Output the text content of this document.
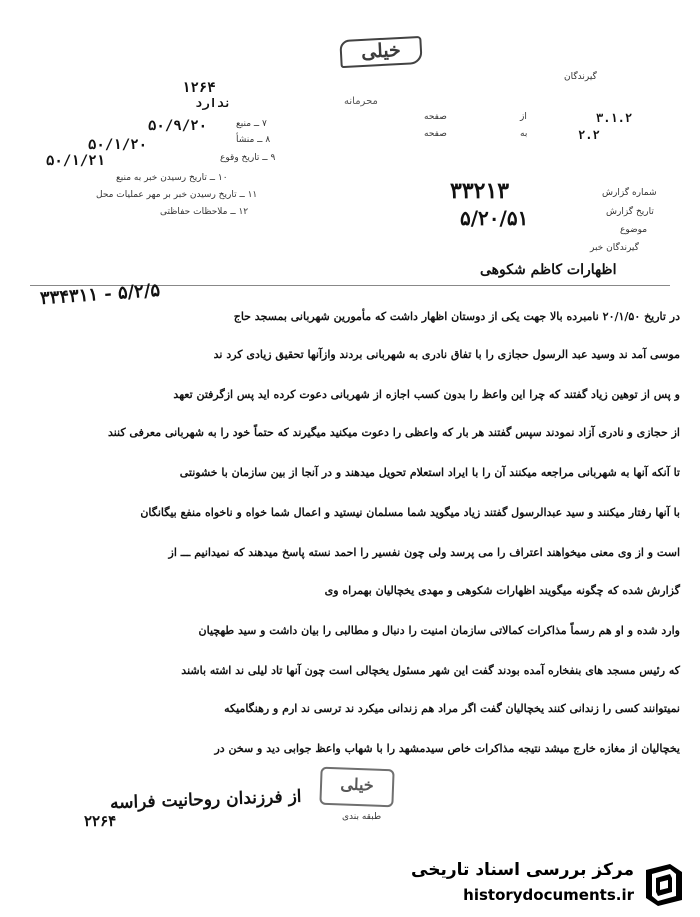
خیلی
محرمانه
۱۲۶۴
ندارد
۵۰/۹/۲۰
۵۰/۱/۲۰
۵۰/۱/۲۱
۷ ــ منبع
۸ ــ منشأ
۹ ــ تاریخ وقوع
۱۰ ــ تاریخ رسیدن خبر به منبع
۱۱ ــ تاریخ رسیدن خبر بر مهر عملیات محل
۱۲ ــ ملاحظات حفاظتی
گیرندگان
۳.۱.۲
۲.۲
از
به
صفحه
صفحه
شماره گزارش
تاریخ گزارش
موضوع
گیرندگان خبر
۳۳۲۱۳
۵/۲۰/۵۱
اظهارات کاظم شکوهی
۳۳۴۳۱۱ - ۵/۲/۵
در تاریخ ۲۰/۱/۵۰ نامبرده بالا جهت یکی از دوستان اظهار داشت که مأمورین شهربانی بمسجد حاج
موسی آمد ند وسید عبد الرسول حجازی را با تفاق نادری به شهربانی بردند وازآنها تحقیق زیادی کرد ند
و پس از توهین زیاد گفتند که چرا این واعظ را بدون کسب اجازه از شهربانی دعوت کرده اید پس ازگرفتن تعهد
از حجازی و نادری آزاد نمودند سپس گفتند هر بار که واعظی را دعوت میکنید میگیرند که حتماً خود را به شهربانی معرفی کنند
تا آنکه آنها به شهربانی مراجعه میکنند آن را با ایراد استعلام تحویل میدهند و در آنجا از بین سازمان با خشونتی
با آنها رفتار میکنند و سید عبدالرسول گفتند زیاد میگوید شما مسلمان نیستید و اعمال شما خواه و ناخواه منفع بیگانگان
است و از وی معنی میخواهند اعتراف را می پرسد ولی چون نفسیر را احمد نسته پاسخ میدهند که نمیدانیم ـــ از
گزارش شده که چگونه میگویند اظهارات شکوهی و مهدی یخچالیان بهمراه وی
وارد شده و او هم رسماً مذاکرات کمالاتی سازمان امنیت را دنبال و مطالبی را بیان داشت و سید طهچیان
که رئیس مسجد های بنفخاره آمده بودند گفت این شهر مسئول یخچالی است چون آنها تاد لیلی ند اشته باشند
نمیتوانند کسی را زندانی کنند یخچالیان گفت اگر مراد هم زندانی میکرد ند ترسی ند ارم و رهنگامیکه
یخچالیان از مغازه خارج میشد نتیجه مذاکرات خاص سیدمشهد را با شهاب واعظ جوابی دید و سخن در
خیلی
طبقه بندی
از فرزندان روحانیت فراسه
۲۲۶۴
مرکز بررسی اسناد تاریخی
historydocuments.ir
